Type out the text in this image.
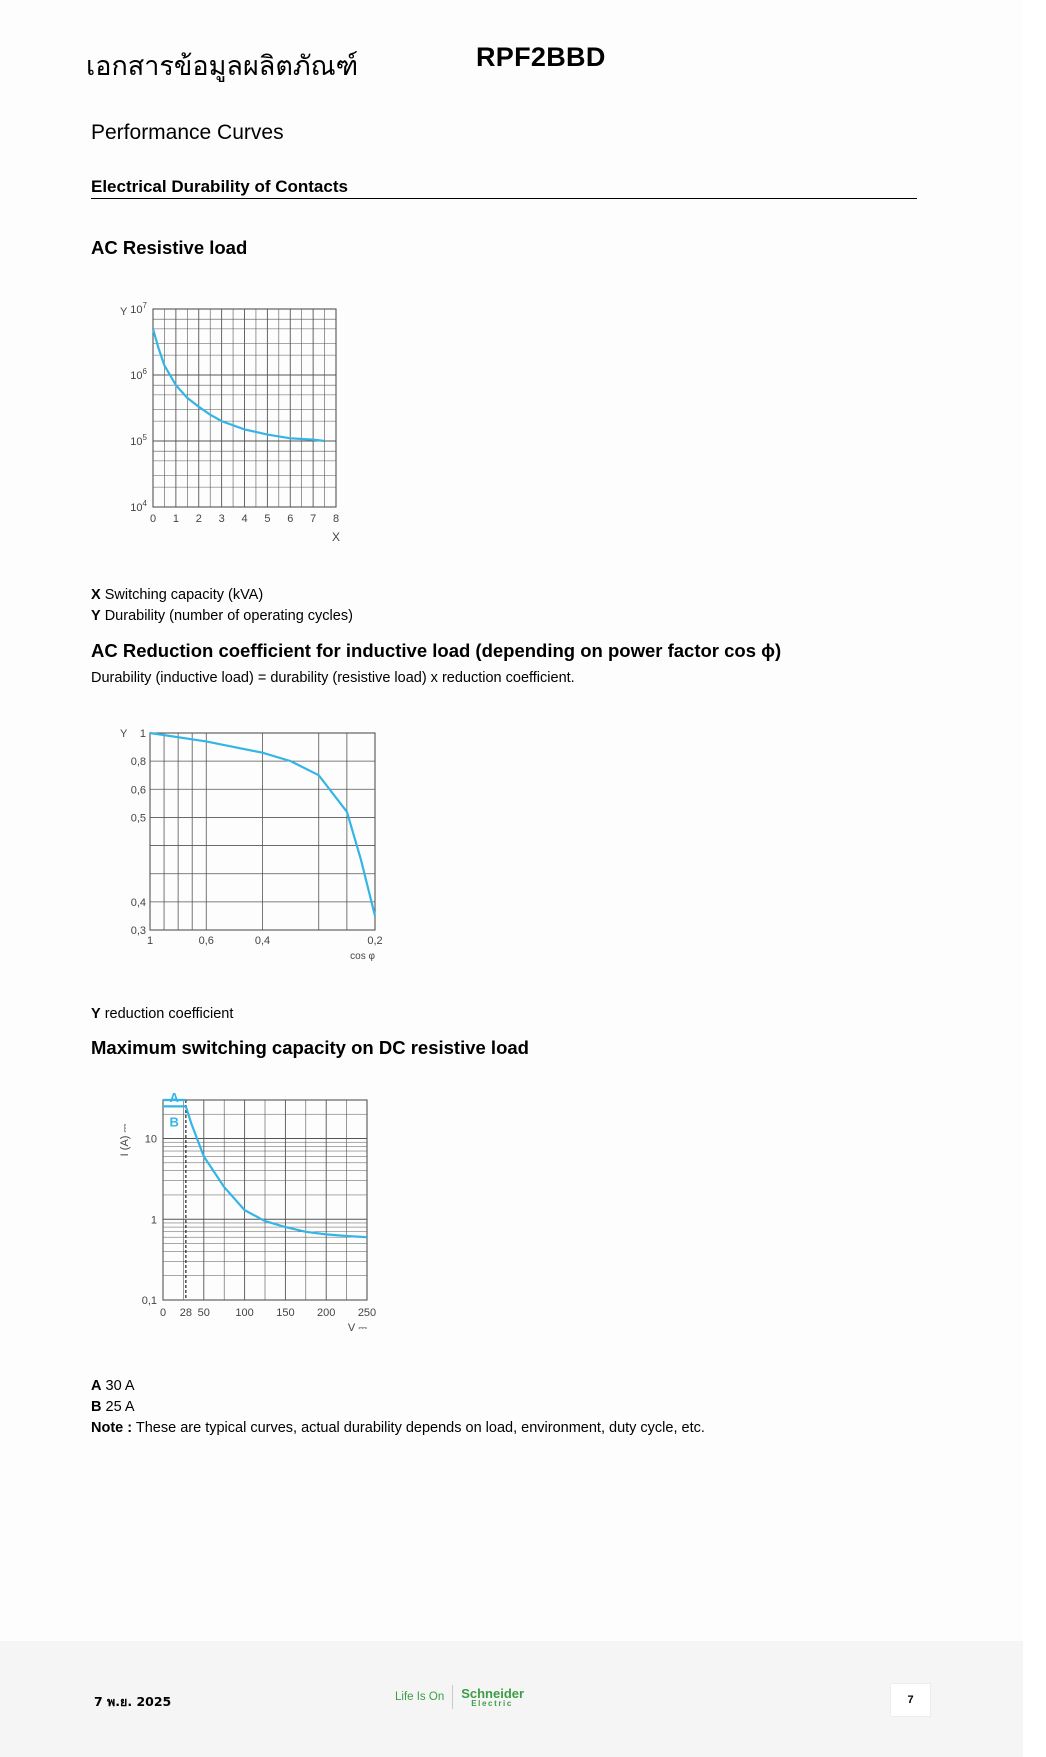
เอกสารข้อมูลผลิตภัณฑ์	RPF2BBD
Performance Curves
Electrical Durability of Contacts
AC Resistive load
0 1 2 3 4 5 6 7 8
$10^7$
$10^6$
$10^5$
$10^4$
Y
X
X Switching capacity (kVA)
Y Durability (number of operating cycles)
AC Reduction coefficient for inductive load (depending on power factor cos ϕ)
Durability (inductive load) = durability (resistive load) x reduction coefficient.
1	0,6	0,4	0,2
1
0,8
0,6
0,5
0,4
0,3
Y
cos φ
Y reduction coefficient
Maximum switching capacity on DC resistive load
0 28 50 100 150 200 250
10
1
0,1
I (A) ⎓
V ⎓
A
B
A 30 A
B 25 A
Note : These are typical curves, actual durability depends on load, environment, duty cycle, etc.
7 พ.ย. 2025	Life Is On Schneider
Electric	7
